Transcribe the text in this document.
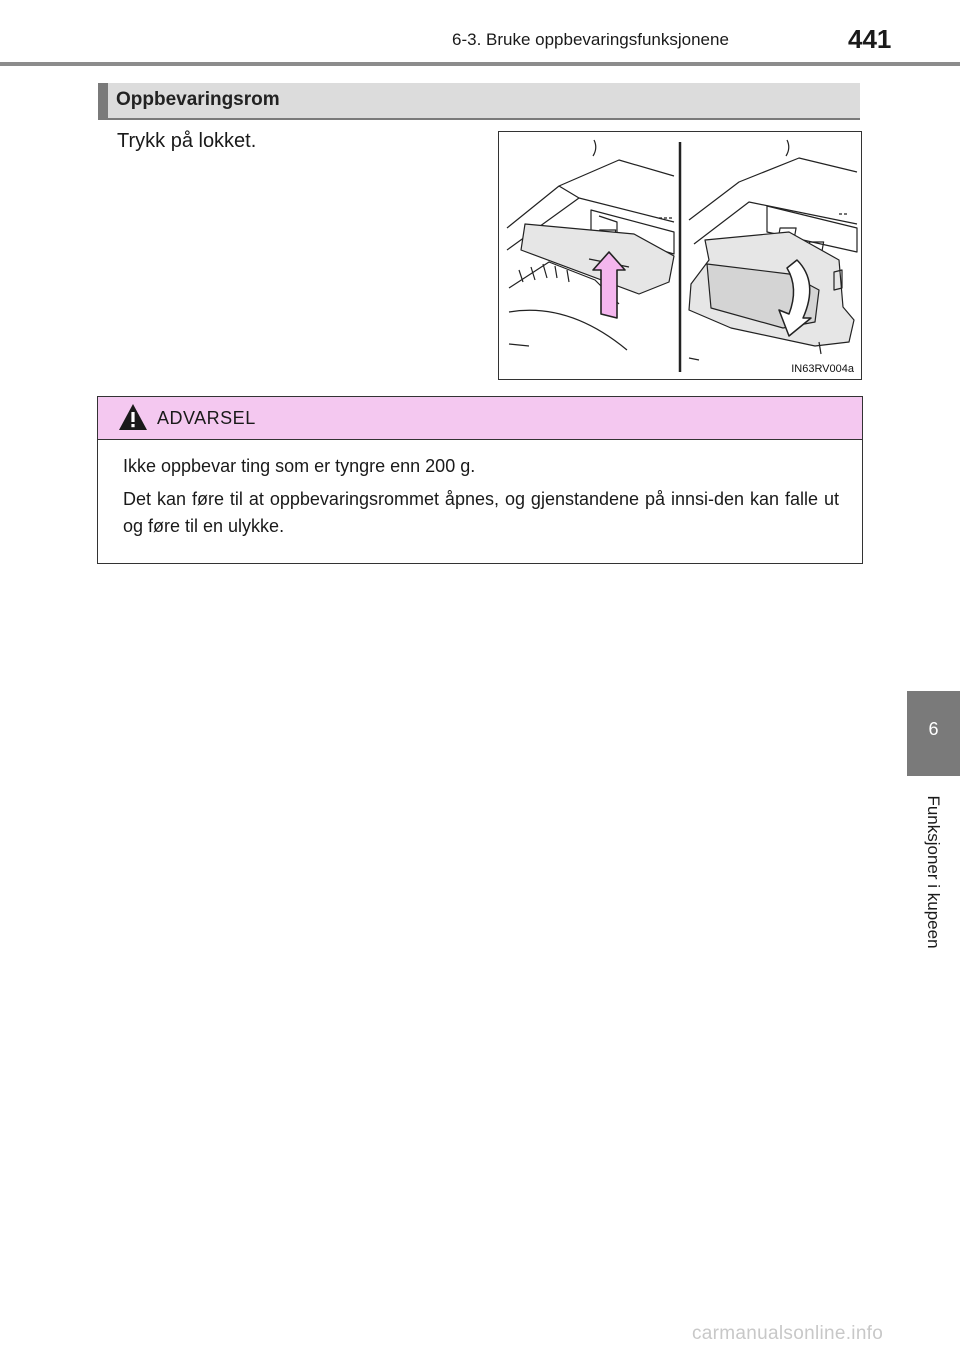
6-3. Bruke oppbevaringsfunksjonene	441
Oppbevaringsrom
Trykk på lokket.
IN63RV004a
ADVARSEL

Ikke oppbevar ting som er tyngre enn 200 g.

Det kan føre til at oppbevaringsrommet åpnes, og gjenstandene på innsi-den kan falle ut og føre til en ulykke.

6
Funksjoner i kupeen
carmanualsonline.info
